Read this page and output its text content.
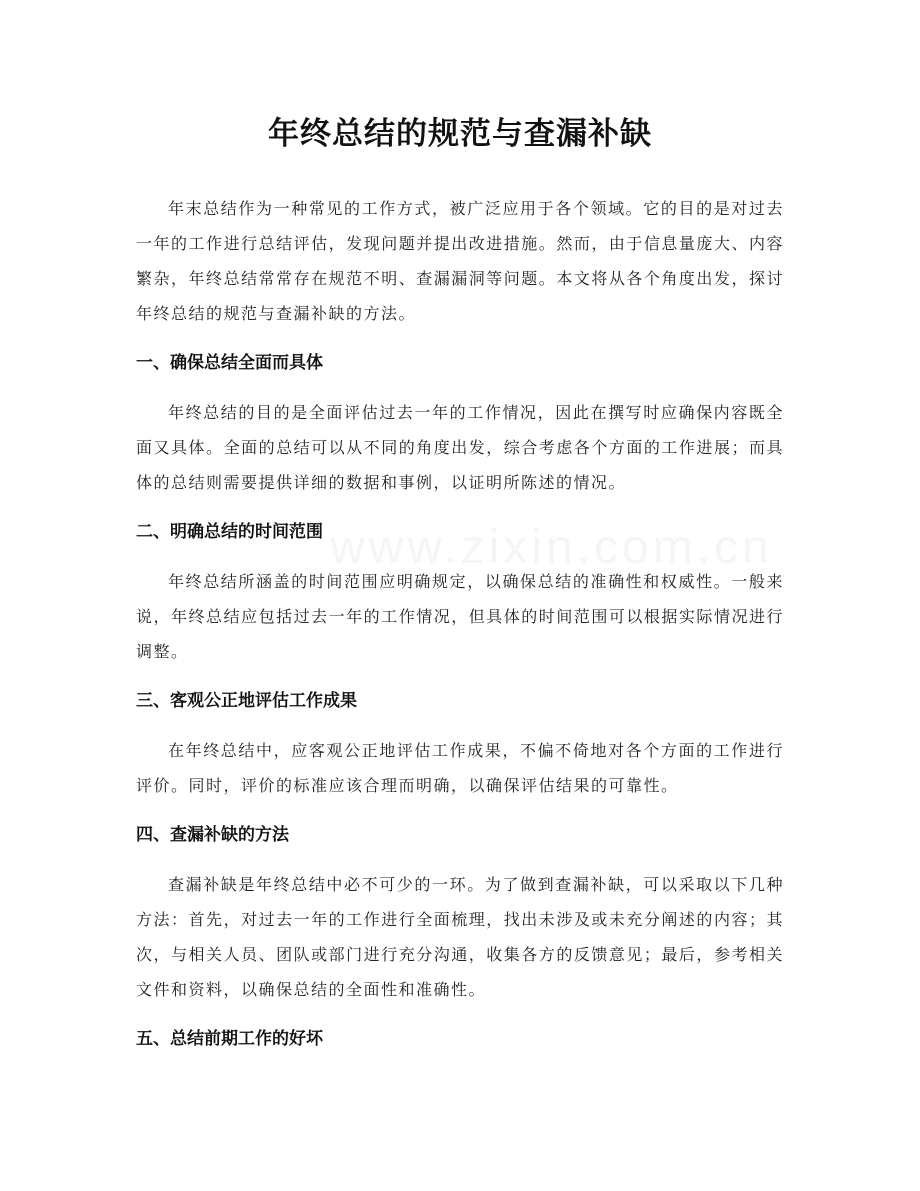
年终总结的规范与查漏补缺

年末总结作为一种常见的工作方式，被广泛应用于各个领域。它的目的是对过去一年的工作进行总结评估，发现问题并提出改进措施。然而，由于信息量庞大、内容繁杂，年终总结常常存在规范不明、查漏漏洞等问题。本文将从各个角度出发，探讨年终总结的规范与查漏补缺的方法。

一、确保总结全面而具体

年终总结的目的是全面评估过去一年的工作情况，因此在撰写时应确保内容既全面又具体。全面的总结可以从不同的角度出发，综合考虑各个方面的工作进展；而具体的总结则需要提供详细的数据和事例，以证明所陈述的情况。

二、明确总结的时间范围

年终总结所涵盖的时间范围应明确规定，以确保总结的准确性和权威性。一般来说，年终总结应包括过去一年的工作情况，但具体的时间范围可以根据实际情况进行调整。

三、客观公正地评估工作成果

在年终总结中，应客观公正地评估工作成果，不偏不倚地对各个方面的工作进行评价。同时，评价的标准应该合理而明确，以确保评估结果的可靠性。

四、查漏补缺的方法

查漏补缺是年终总结中必不可少的一环。为了做到查漏补缺，可以采取以下几种方法：首先，对过去一年的工作进行全面梳理，找出未涉及或未充分阐述的内容；其次，与相关人员、团队或部门进行充分沟通，收集各方的反馈意见；最后，参考相关文件和资料，以确保总结的全面性和准确性。

五、总结前期工作的好坏
www.zixin.com.cn
